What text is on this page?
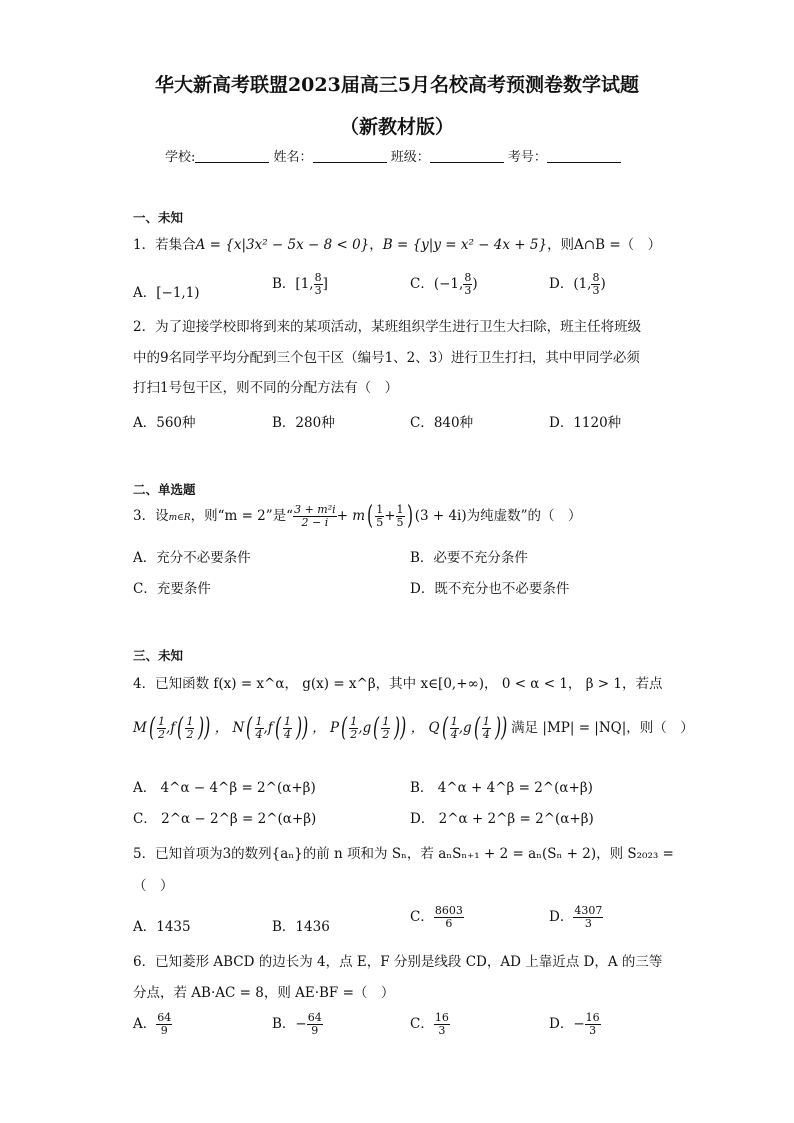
华大新高考联盟2023届高三5月名校高考预测卷数学试题
（新教材版）
学校:	姓名：	班级：	考号：
一、未知
1．若集合A = {x|3x² − 5x − 8 < 0}，B = {y|y = x² − 4x + 5}，则A∩B =（　）
A．[−1,1)
B．[1, $\frac{8}{3}$ ]	C．(−1, $\frac{8}{3}$ )	D．(1, $\frac{8}{3}$ )
2．为了迎接学校即将到来的某项活动，某班组织学生进行卫生大扫除，班主任将班级
中的9名同学平均分配到三个包干区（编号1、2、3）进行卫生打扫，其中甲同学必须
打扫1号包干区，则不同的分配方法有（　）
A．560种	B．280种	C．840种	D．1120种
二、单选题
3．设m∈R，则“m = 2”是“ $\frac{\text{3 + m²i}}{2 - i} + m( \frac{1}{5} + \frac{1}{5}$ ) (3 + 4i)为纯虚数”的（　）
A．充分不必要条件	B．必要不充分条件
C．充要条件	D．既不充分也不必要条件
三、未知
4．已知函数 f(x) = x^α， g(x) = x^β，其中 x∈[0,+∞)， 0 < α < 1， β > 1，若点
$M( \frac{1}{2} ,f( \frac{1}{2}$ )) ， $N( \frac{1}{4} ,f( \frac{1}{4}$ )) ， $P( \frac{1}{2} ,g( \frac{1}{2}$ )) ， $Q( \frac{1}{4} ,g( \frac{1}{4}$ )) 满足 |MP| = |NQ|，则（　）
A． 4^α − 4^β = 2^(α+β)	B． 4^α + 4^β = 2^(α+β)
C． 2^α − 2^β = 2^(α+β)	D． 2^α + 2^β = 2^(α+β)
5．已知首项为3的数列{aₙ}的前 n 项和为 Sₙ，若 aₙSₙ₊₁ + 2 = aₙ(Sₙ + 2)，则 S₂₀₂₃ =
（　）
A．1435	B．1436
C． $\frac{8603}{6}$	D． $\frac{4307}{3}$
6．已知菱形 ABCD 的边长为 4，点 E，F 分别是线段 CD，AD 上靠近点 D，A 的三等
分点，若 AB·AC = 8，则 AE·BF =（　）
A． $\frac{64}{9}$	B．− $\frac{64}{9}$	C． $\frac{16}{3}$	D．− $\frac{16}{3}$
